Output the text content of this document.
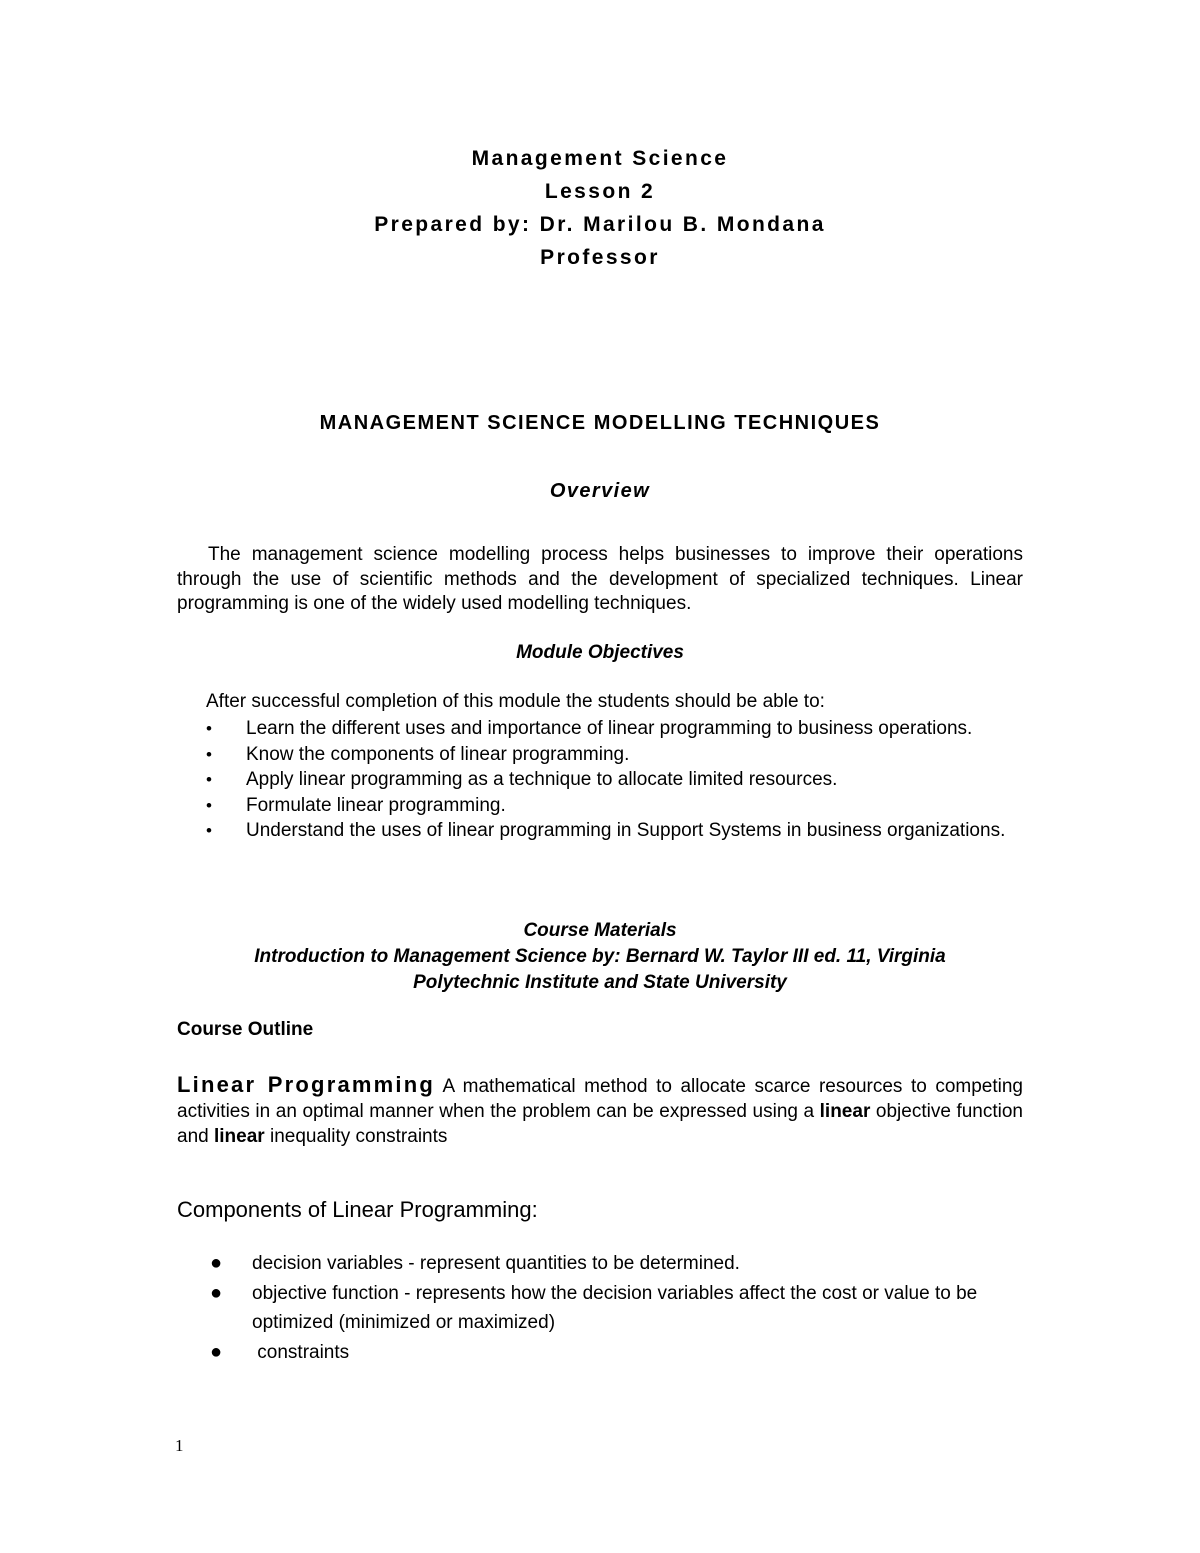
Management Science
Lesson 2
Prepared by: Dr. Marilou B. Mondana
Professor
MANAGEMENT SCIENCE MODELLING TECHNIQUES
Overview
The management science modelling process helps businesses to improve their operations through the use of scientific methods and the development of specialized techniques. Linear programming is one of the widely used modelling techniques.
Module Objectives
After successful completion of this module the students should be able to:
• Learn the different uses and importance of linear programming to business operations.
• Know the components of linear programming.
• Apply linear programming as a technique to allocate limited resources.
• Formulate linear programming.
• Understand the uses of linear programming in Support Systems in business organizations.
Course Materials
Introduction to Management Science by: Bernard W. Taylor III ed. 11, Virginia
Polytechnic Institute and State University
Course Outline
Linear Programming A mathematical method to allocate scarce resources to competing activities in an optimal manner when the problem can be expressed using a linear objective function and linear inequality constraints
Components of Linear Programming:
● decision variables - represent quantities to be determined.
● objective function - represents how the decision variables affect the cost or value to be optimized (minimized or maximized)
● constraints
1
